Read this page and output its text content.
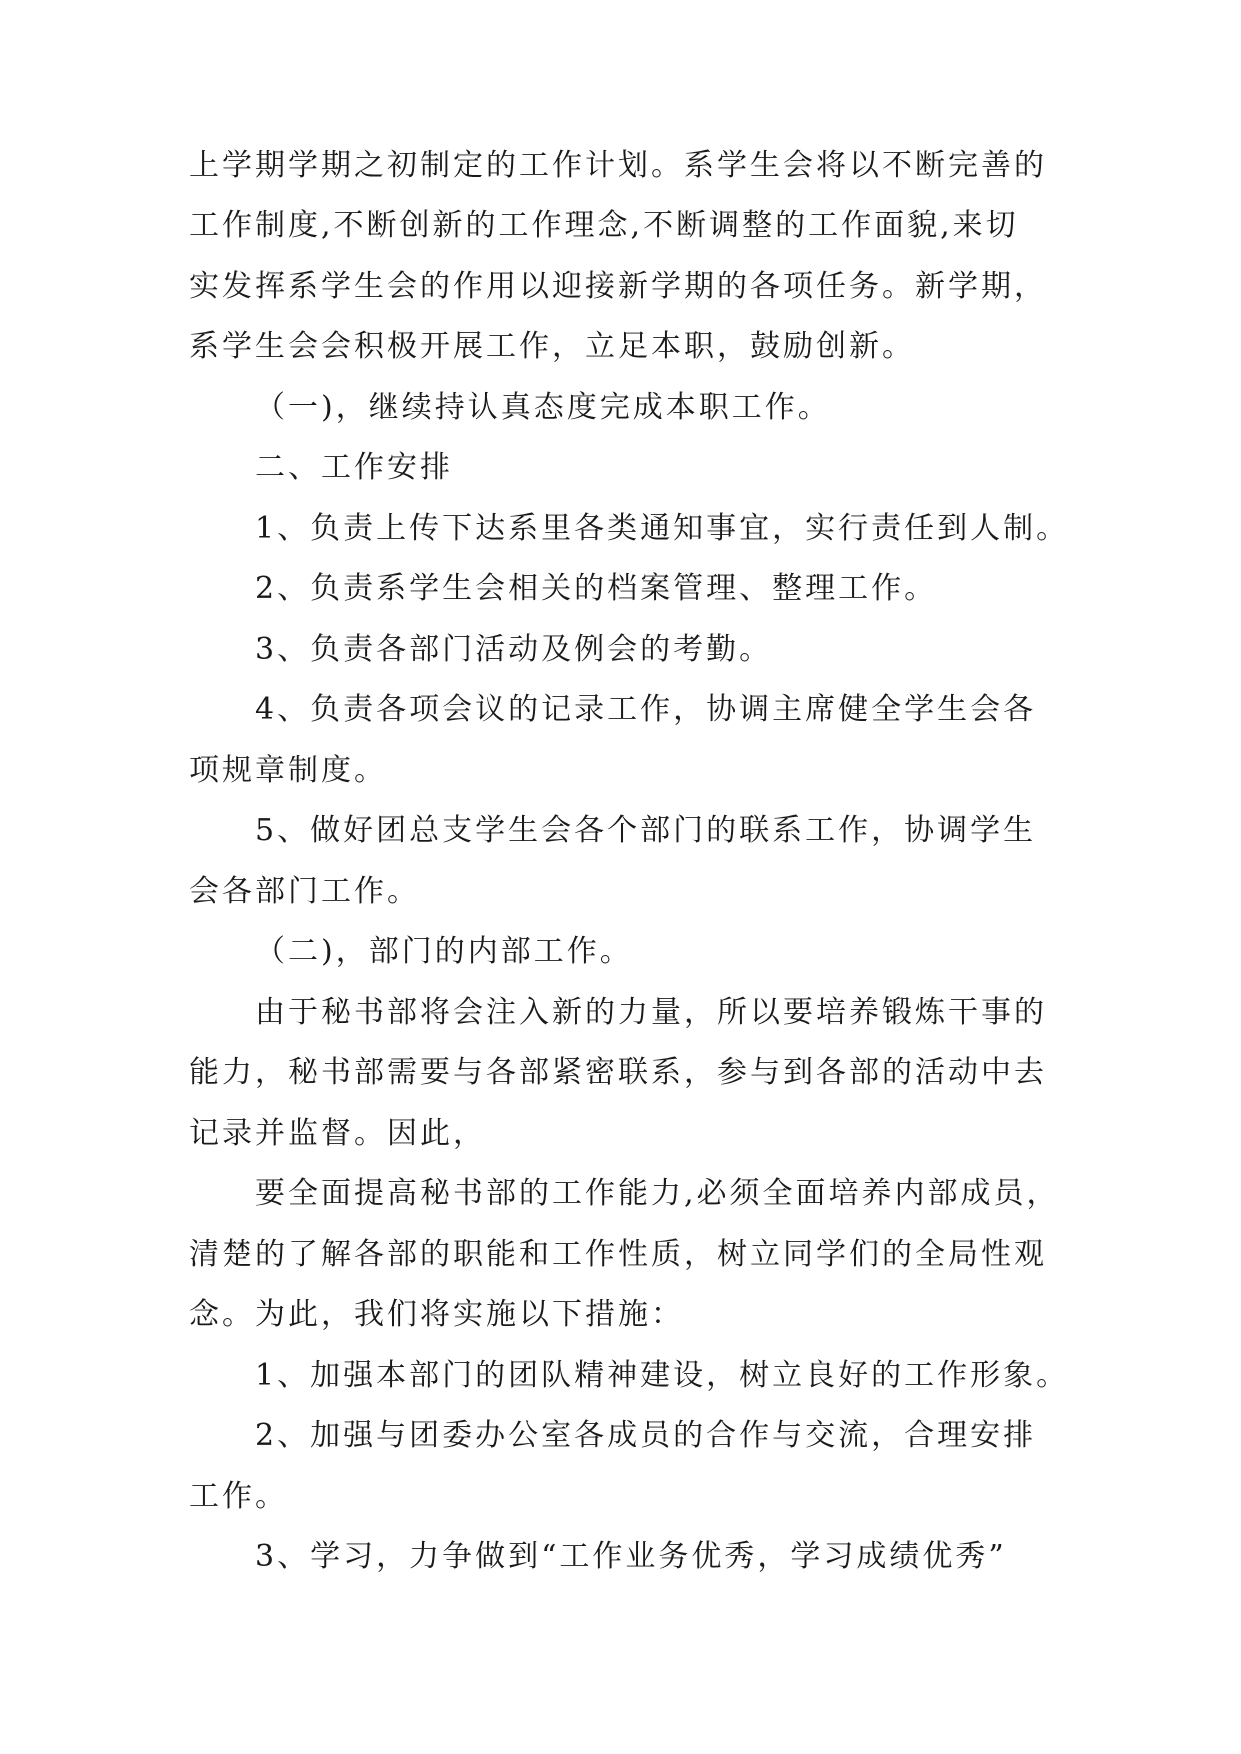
上学期学期之初制定的工作计划。系学生会将以不断完善的
工作制度,不断创新的工作理念,不断调整的工作面貌,来切
实发挥系学生会的作用以迎接新学期的各项任务。新学期，
系学生会会积极开展工作，立足本职，鼓励创新。
（一)，继续持认真态度完成本职工作。
二、工作安排
1、负责上传下达系里各类通知事宜，实行责任到人制。
2、负责系学生会相关的档案管理、整理工作。
3、负责各部门活动及例会的考勤。
4、负责各项会议的记录工作，协调主席健全学生会各
项规章制度。
5、做好团总支学生会各个部门的联系工作，协调学生
会各部门工作。
（二)，部门的内部工作。
由于秘书部将会注入新的力量，所以要培养锻炼干事的
能力，秘书部需要与各部紧密联系，参与到各部的活动中去
记录并监督。因此，
要全面提高秘书部的工作能力,必须全面培养内部成员，
清楚的了解各部的职能和工作性质，树立同学们的全局性观
念。为此，我们将实施以下措施：
1、加强本部门的团队精神建设，树立良好的工作形象。
2、加强与团委办公室各成员的合作与交流，合理安排
工作。
3、学习，力争做到“工作业务优秀，学习成绩优秀”
